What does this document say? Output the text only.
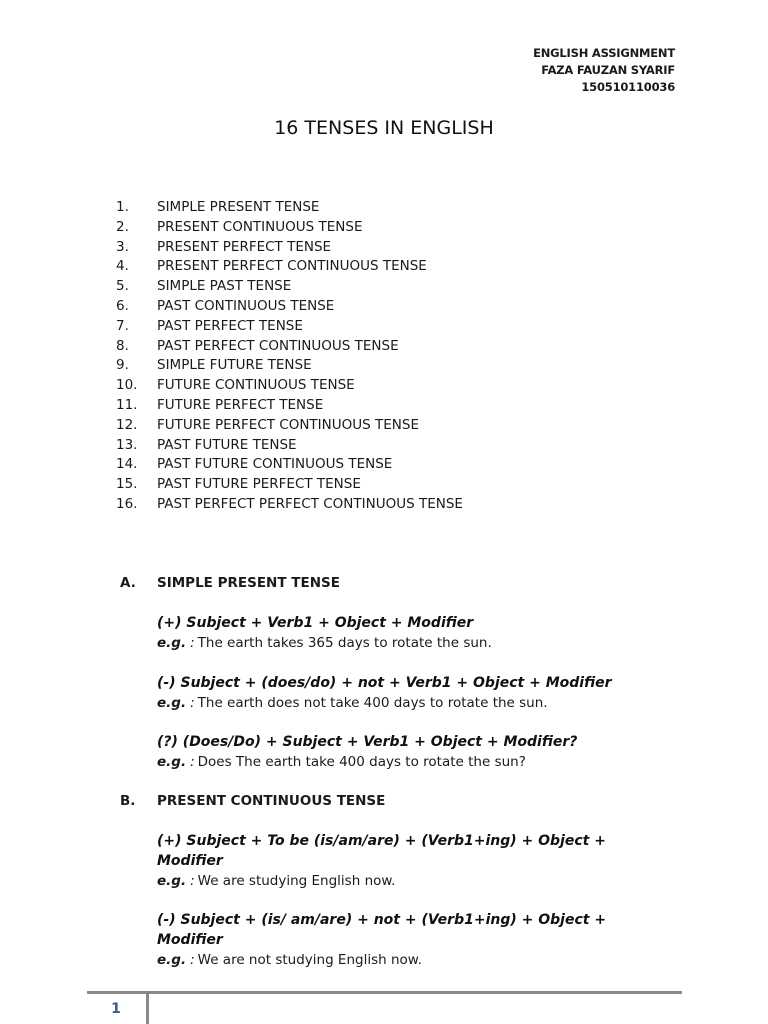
ENGLISH ASSIGNMENT
FAZA FAUZAN SYARIF
150510110036
16 TENSES IN ENGLISH
1.	SIMPLE PRESENT TENSE
2.	PRESENT CONTINUOUS TENSE
3.	PRESENT PERFECT TENSE
4.	PRESENT PERFECT CONTINUOUS TENSE
5.	SIMPLE PAST TENSE
6.	PAST CONTINUOUS TENSE
7.	PAST PERFECT TENSE
8.	PAST PERFECT CONTINUOUS TENSE
9.	SIMPLE FUTURE TENSE
10.	FUTURE CONTINUOUS TENSE
11.	FUTURE PERFECT TENSE
12.	FUTURE PERFECT CONTINUOUS TENSE
13.	PAST FUTURE TENSE
14.	PAST FUTURE CONTINUOUS TENSE
15.	PAST FUTURE PERFECT TENSE
16.	PAST PERFECT PERFECT CONTINUOUS TENSE
A.	SIMPLE PRESENT TENSE
(+) Subject + Verb1 + Object + Modifier
e.g. : The earth takes 365 days to rotate the sun.
(-) Subject + (does/do) + not + Verb1 + Object + Modifier
e.g. : The earth does not take 400 days to rotate the sun.
(?) (Does/Do) + Subject + Verb1 + Object + Modifier?
e.g. : Does The earth take 400 days to rotate the sun?
B.	PRESENT CONTINUOUS TENSE
(+) Subject + To be (is/am/are) + (Verb1+ing) + Object + Modifier
e.g. : We are studying English now.
(-) Subject + (is/ am/are) + not + (Verb1+ing) + Object + Modifier
e.g. : We are not studying English now.
1
